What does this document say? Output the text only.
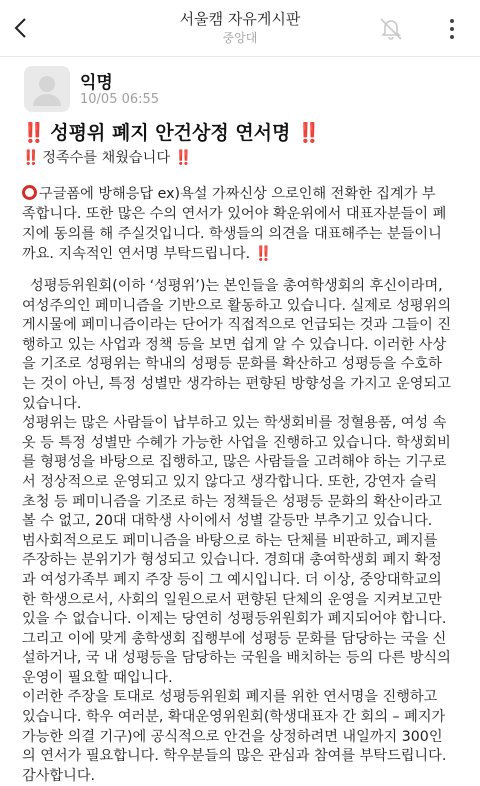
서울캠 자유게시판
중앙대
익명
10/05 06:55
‼️ 성평위 폐지 안건상정 연서명 ‼️
‼️ 정족수를 채웠습니다 ‼️
구글폼에 방해응답 ex)욕설 가짜신상 으로인해 전확한 집계가 부
족합니다. 또한 많은 수의 연서가 있어야 확운위에서 대표자분들이 폐
지에 동의를 해 주실것입니다. 학생들의 의견을 대표해주는 분들이니
까요. 지속적인 연서명 부탁드립니다. ‼️
성평등위원회(이하 ‘성평위’)는 본인들을 총여학생회의 후신이라며,
여성주의인 페미니즘을 기반으로 활동하고 있습니다. 실제로 성평위의
게시물에 페미니즘이라는 단어가 직접적으로 언급되는 것과 그들이 진
행하고 있는 사업과 정책 등을 보면 쉽게 알 수 있습니다. 이러한 사상
을 기조로 성평위는 학내의 성평등 문화를 확산하고 성평등을 수호하
는 것이 아닌, 특정 성별만 생각하는 편향된 방향성을 가지고 운영되고
있습니다.
성평위는 많은 사람들이 납부하고 있는 학생회비를 정혈용품, 여성 속
옷 등 특정 성별만 수혜가 가능한 사업을 진행하고 있습니다. 학생회비
를 형평성을 바탕으로 집행하고, 많은 사람들을 고려해야 하는 기구로
서 정상적으로 운영되고 있지 않다고 생각합니다. 또한, 강연자 슬릭
초청 등 페미니즘을 기조로 하는 정책들은 성평등 문화의 확산이라고
볼 수 없고, 20대 대학생 사이에서 성별 갈등만 부추기고 있습니다.
범사회적으로도 페미니즘을 바탕으로 하는 단체를 비판하고, 폐지를
주장하는 분위기가 형성되고 있습니다. 경희대 총여학생회 폐지 확정
과 여성가족부 폐지 주장 등이 그 예시입니다. 더 이상, 중앙대학교의
한 학생으로서, 사회의 일원으로서 편향된 단체의 운영을 지켜보고만
있을 수 없습니다. 이제는 당연히 성평등위원회가 폐지되어야 합니다.
그리고 이에 맞게 총학생회 집행부에 성평등 문화를 담당하는 국을 신
설하거나, 국 내 성평등을 담당하는 국원을 배치하는 등의 다른 방식의
운영이 필요할 때입니다.
이러한 주장을 토대로 성평등위원회 폐지를 위한 연서명을 진행하고
있습니다. 학우 여러분, 확대운영위원회(학생대표자 간 회의 – 폐지가
가능한 의결 기구)에 공식적으로 안건을 상정하려면 내일까지 300인
의 연서가 필요합니다. 학우분들의 많은 관심과 참여를 부탁드립니다.
감사합니다.
